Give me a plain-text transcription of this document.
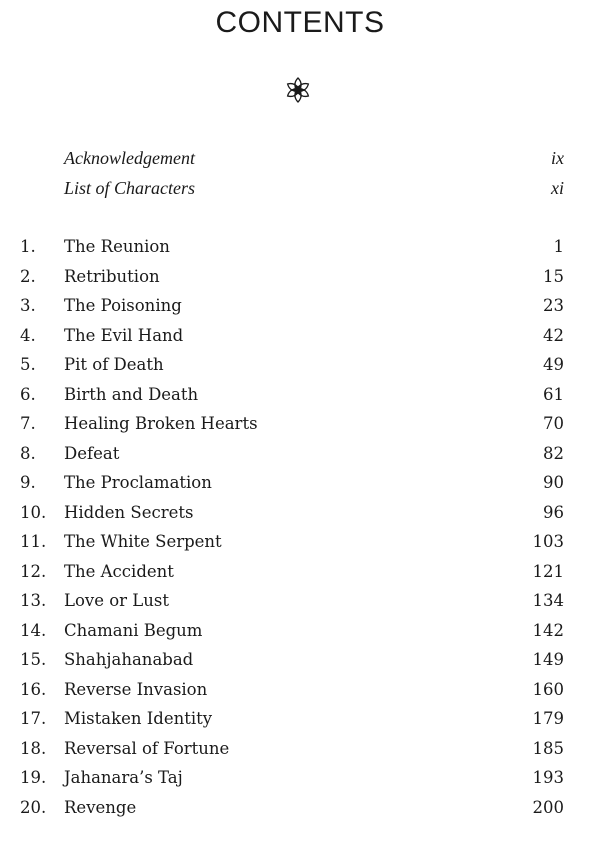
CONTENTS
Acknowledgement	ix
List of Characters	xi
1. The Reunion	1
2. Retribution	15
3. The Poisoning	23
4. The Evil Hand	42
5. Pit of Death	49
6. Birth and Death	61
7. Healing Broken Hearts	70
8. Defeat	82
9. The Proclamation	90
10. Hidden Secrets	96
11. The White Serpent	103
12. The Accident	121
13. Love or Lust	134
14. Chamani Begum	142
15. Shahjahanabad	149
16. Reverse Invasion	160
17. Mistaken Identity	179
18. Reversal of Fortune	185
19. Jahanara’s Taj	193
20. Revenge	200
